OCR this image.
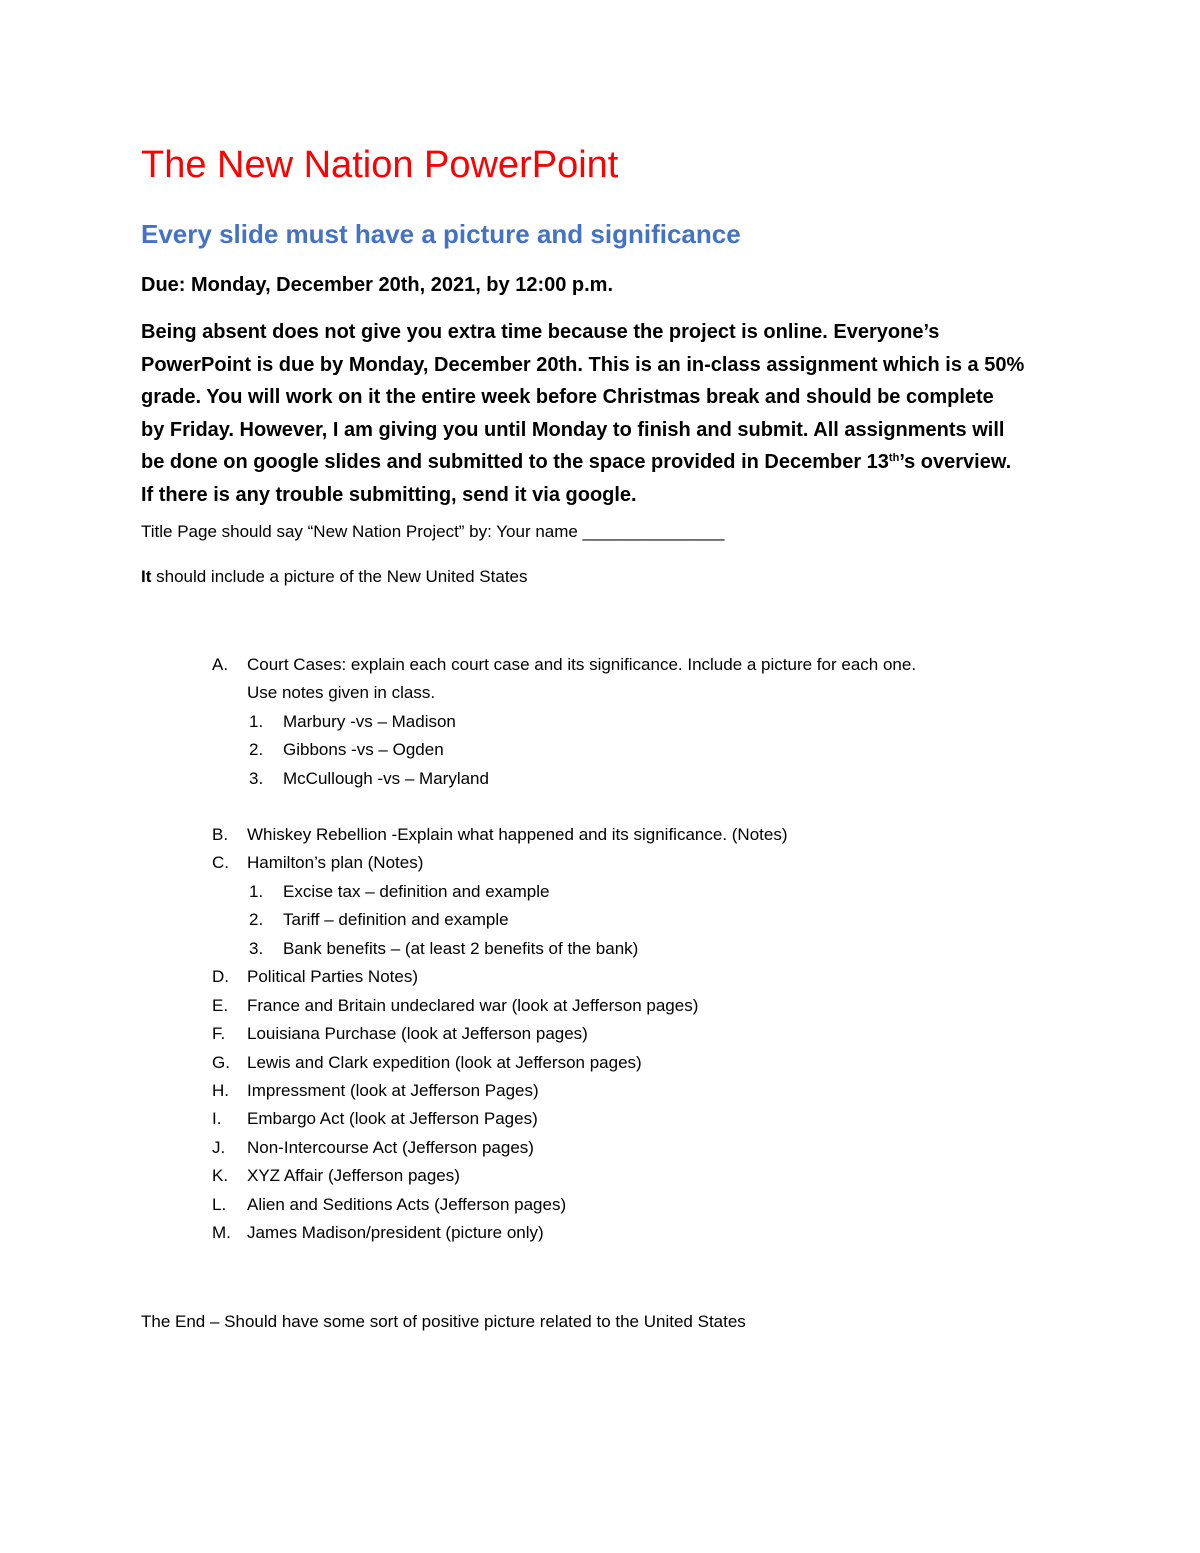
The New Nation PowerPoint
Every slide must have a picture and significance
Due: Monday, December 20th, 2021, by 12:00 p.m.
Being absent does not give you extra time because the project is online. Everyone’s
PowerPoint is due by Monday, December 20th. This is an in-class assignment which is a 50%
grade. You will work on it the entire week before Christmas break and should be complete
by Friday. However, I am giving you until Monday to finish and submit. All assignments will
be done on google slides and submitted to the space provided in December 13th’s overview.
If there is any trouble submitting, send it via google.
Title Page should say “New Nation Project” by: Your name _______________
It should include a picture of the New United States
A. Court Cases: explain each court case and its significance. Include a picture for each one.
Use notes given in class.
1. Marbury -vs – Madison
2. Gibbons -vs – Ogden
3. McCullough -vs – Maryland
B. Whiskey Rebellion -Explain what happened and its significance. (Notes)
C. Hamilton’s plan (Notes)
1. Excise tax – definition and example
2. Tariff – definition and example
3. Bank benefits – (at least 2 benefits of the bank)
D. Political Parties Notes)
E. France and Britain undeclared war (look at Jefferson pages)
F. Louisiana Purchase (look at Jefferson pages)
G. Lewis and Clark expedition (look at Jefferson pages)
H. Impressment (look at Jefferson Pages)
I. Embargo Act (look at Jefferson Pages)
J. Non-Intercourse Act (Jefferson pages)
K. XYZ Affair (Jefferson pages)
L. Alien and Seditions Acts (Jefferson pages)
M. James Madison/president (picture only)
The End – Should have some sort of positive picture related to the United States
